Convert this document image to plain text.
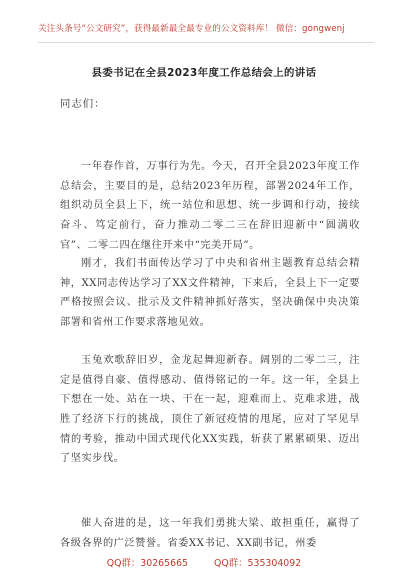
关注头条号“公文研究”，获得最新最全最专业的公文资料库！ 微信：gongwenj
县委书记在全县2023年度工作总结会上的讲话
同志们：

一年春作首，万事行为先。今天，召开全县2023年度工作总结会，主要目的是，总结2023年历程，部署2024年工作，组织动员全县上下，统一站位和思想、统一步调和行动，接续奋斗、笃定前行，奋力推动二零二三在辞旧迎新中“圆满收官”、二零二四在继往开来中“完美开局”。

刚才，我们书面传达学习了中央和省州主题教育总结会精神，XX同志传达学习了XX文件精神，下来后，全县上下一定要严格按照会议、批示及文件精神抓好落实，坚决确保中央决策部署和省州工作要求落地见效。

玉兔欢歌辞旧岁，金龙起舞迎新春。阔别的二零二三，注定是值得自豪、值得感动、值得铭记的一年。这一年，全县上下想在一处、站在一块、干在一起，迎难而上、克难求进，战胜了经济下行的挑战，顶住了新冠疫情的甩尾，应对了罕见旱情的考验，推动中国式现代化XX实践，斩获了累累硕果、迈出了坚实步伐。

催人奋进的是，这一年我们勇挑大梁、敢担重任，赢得了各级各界的广泛赞誉。省委XX书记、XX副书记，州委

QQ群：30265665	QQ群：535304092
